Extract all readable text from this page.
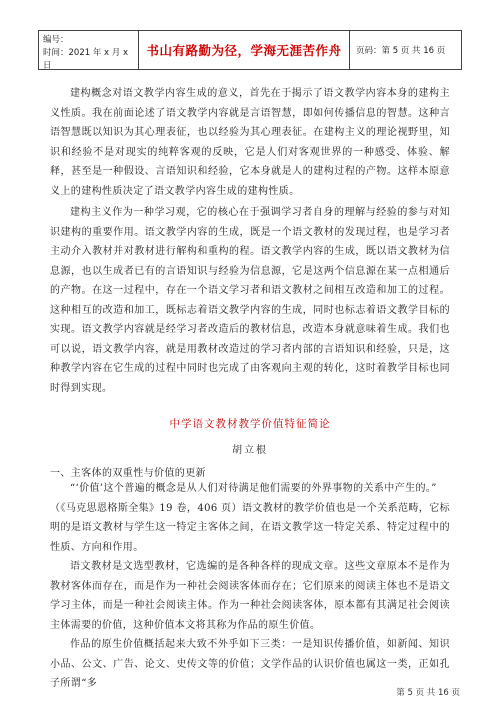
编号：
时间：2021 年 x 月 x 日
书山有路勤为径，学海无涯苦作舟	页码：第 5 页 共 16 页

建构概念对语文教学内容生成的意义，首先在于揭示了语文教学内容本身的建构主义性质。我在前面论述了语文教学内容就是言语智慧，即如何传播信息的智慧。这种言语智慧既以知识为其心理表征，也以经验为其心理表征。在建构主义的理论视野里，知识和经验不是对现实的纯粹客观的反映，它是人们对客观世界的一种感受、体验、解释，甚至是一种假设、言语知识和经验，它本身就是人的建构过程的产物。这样本原意义上的建构性质决定了语文教学内容生成的建构性质。

建构主义作为一种学习观，它的核心在于强调学习者自身的理解与经验的参与对知识建构的重要作用。语文教学内容的生成，既是一个语文教材的发现过程，也是学习者主动介入教材并对教材进行解构和重构的程。语文教学内容的生成，既以语文教材为信息源，也以生成者已有的言语知识与经验为信息源，它是这两个信息源在某一点相通后的产物。在这一过程中，存在一个语文学习者和语文教材之间相互改造和加工的过程。这种相互的改造和加工，既标志着语文教学内容的生成，同时也标志着语文教学目标的实现。语文教学内容就是经学习者改造后的教材信息，改造本身就意味着生成。我们也可以说，语文教学内容，就是用教材改造过的学习者内部的言语知识和经验，只是，这种教学内容在它生成的过程中同时也完成了由客观向主观的转化，这时着教学目标也同时得到实现。

中学语文教材教学价值特征简论
胡立根
一、主客体的双重性与价值的更新

“‘价值’这个普遍的概念是从人们对待满足他们需要的外界事物的关系中产生的。”

（《马克思恩格斯全集》19 卷，406 页）语文教材的教学价值也是一个关系范畴，它标明的是语文教材与学生这一特定主客体之间，在语文教学这一特定关系、特定过程中的性质、方向和作用。

语文教材是文选型教材，它选编的是各种各样的现成文章。这些文章原本不是作为教材客体而存在，而是作为一种社会阅读客体而存在；它们原来的阅读主体也不是语文学习主体，而是一种社会阅读主体。作为一种社会阅读客体，原本都有其满足社会阅读主体需要的价值，这种价值本文将其称为作品的原生价值。

作品的原生价值概括起来大致不外乎如下三类：一是知识传播价值，如新闻、知识小品、公文、广告、论文、史传文等的价值；文学作品的认识价值也属这一类，正如孔子所谓“多

第 5 页 共 16 页
